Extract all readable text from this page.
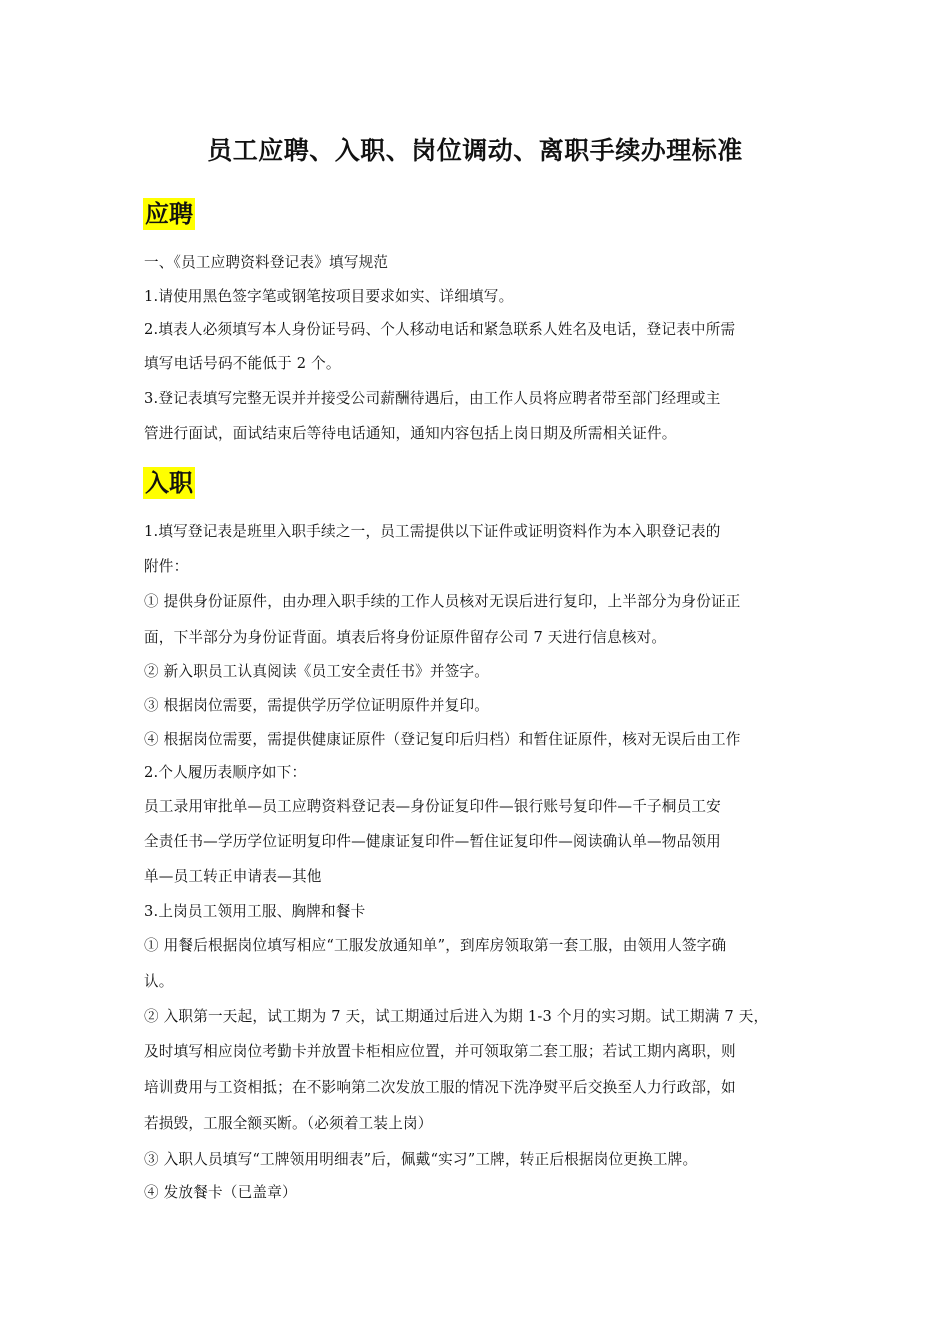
员工应聘、入职、岗位调动、离职手续办理标准
应聘
一、《员工应聘资料登记表》填写规范
1.请使用黑色签字笔或钢笔按项目要求如实、详细填写。
2.填表人必须填写本人身份证号码、个人移动电话和紧急联系人姓名及电话，登记表中所需
填写电话号码不能低于 2 个。
3.登记表填写完整无误并并接受公司薪酬待遇后，由工作人员将应聘者带至部门经理或主
管进行面试，面试结束后等待电话通知，通知内容包括上岗日期及所需相关证件。
入职
1.填写登记表是班里入职手续之一，员工需提供以下证件或证明资料作为本入职登记表的
附件：
① 提供身份证原件，由办理入职手续的工作人员核对无误后进行复印，上半部分为身份证正
面，下半部分为身份证背面。填表后将身份证原件留存公司 7 天进行信息核对。
② 新入职员工认真阅读《员工安全责任书》并签字。
③ 根据岗位需要，需提供学历学位证明原件并复印。
④ 根据岗位需要，需提供健康证原件（登记复印后归档）和暂住证原件，核对无误后由工作
2.个人履历表顺序如下：
员工录用审批单—员工应聘资料登记表—身份证复印件—银行账号复印件—千子桐员工安
全责任书—学历学位证明复印件—健康证复印件—暂住证复印件—阅读确认单—物品领用
单—员工转正申请表—其他
3.上岗员工领用工服、胸牌和餐卡
① 用餐后根据岗位填写相应“工服发放通知单”，到库房领取第一套工服，由领用人签字确
认。
② 入职第一天起，试工期为 7 天，试工期通过后进入为期 1-3 个月的实习期。试工期满 7 天，
及时填写相应岗位考勤卡并放置卡柜相应位置，并可领取第二套工服；若试工期内离职，则
培训费用与工资相抵；在不影响第二次发放工服的情况下洗净熨平后交换至人力行政部，如
若损毁，工服全额买断。（必须着工装上岗）
③ 入职人员填写“工牌领用明细表”后，佩戴“实习”工牌，转正后根据岗位更换工牌。
④ 发放餐卡（已盖章）
